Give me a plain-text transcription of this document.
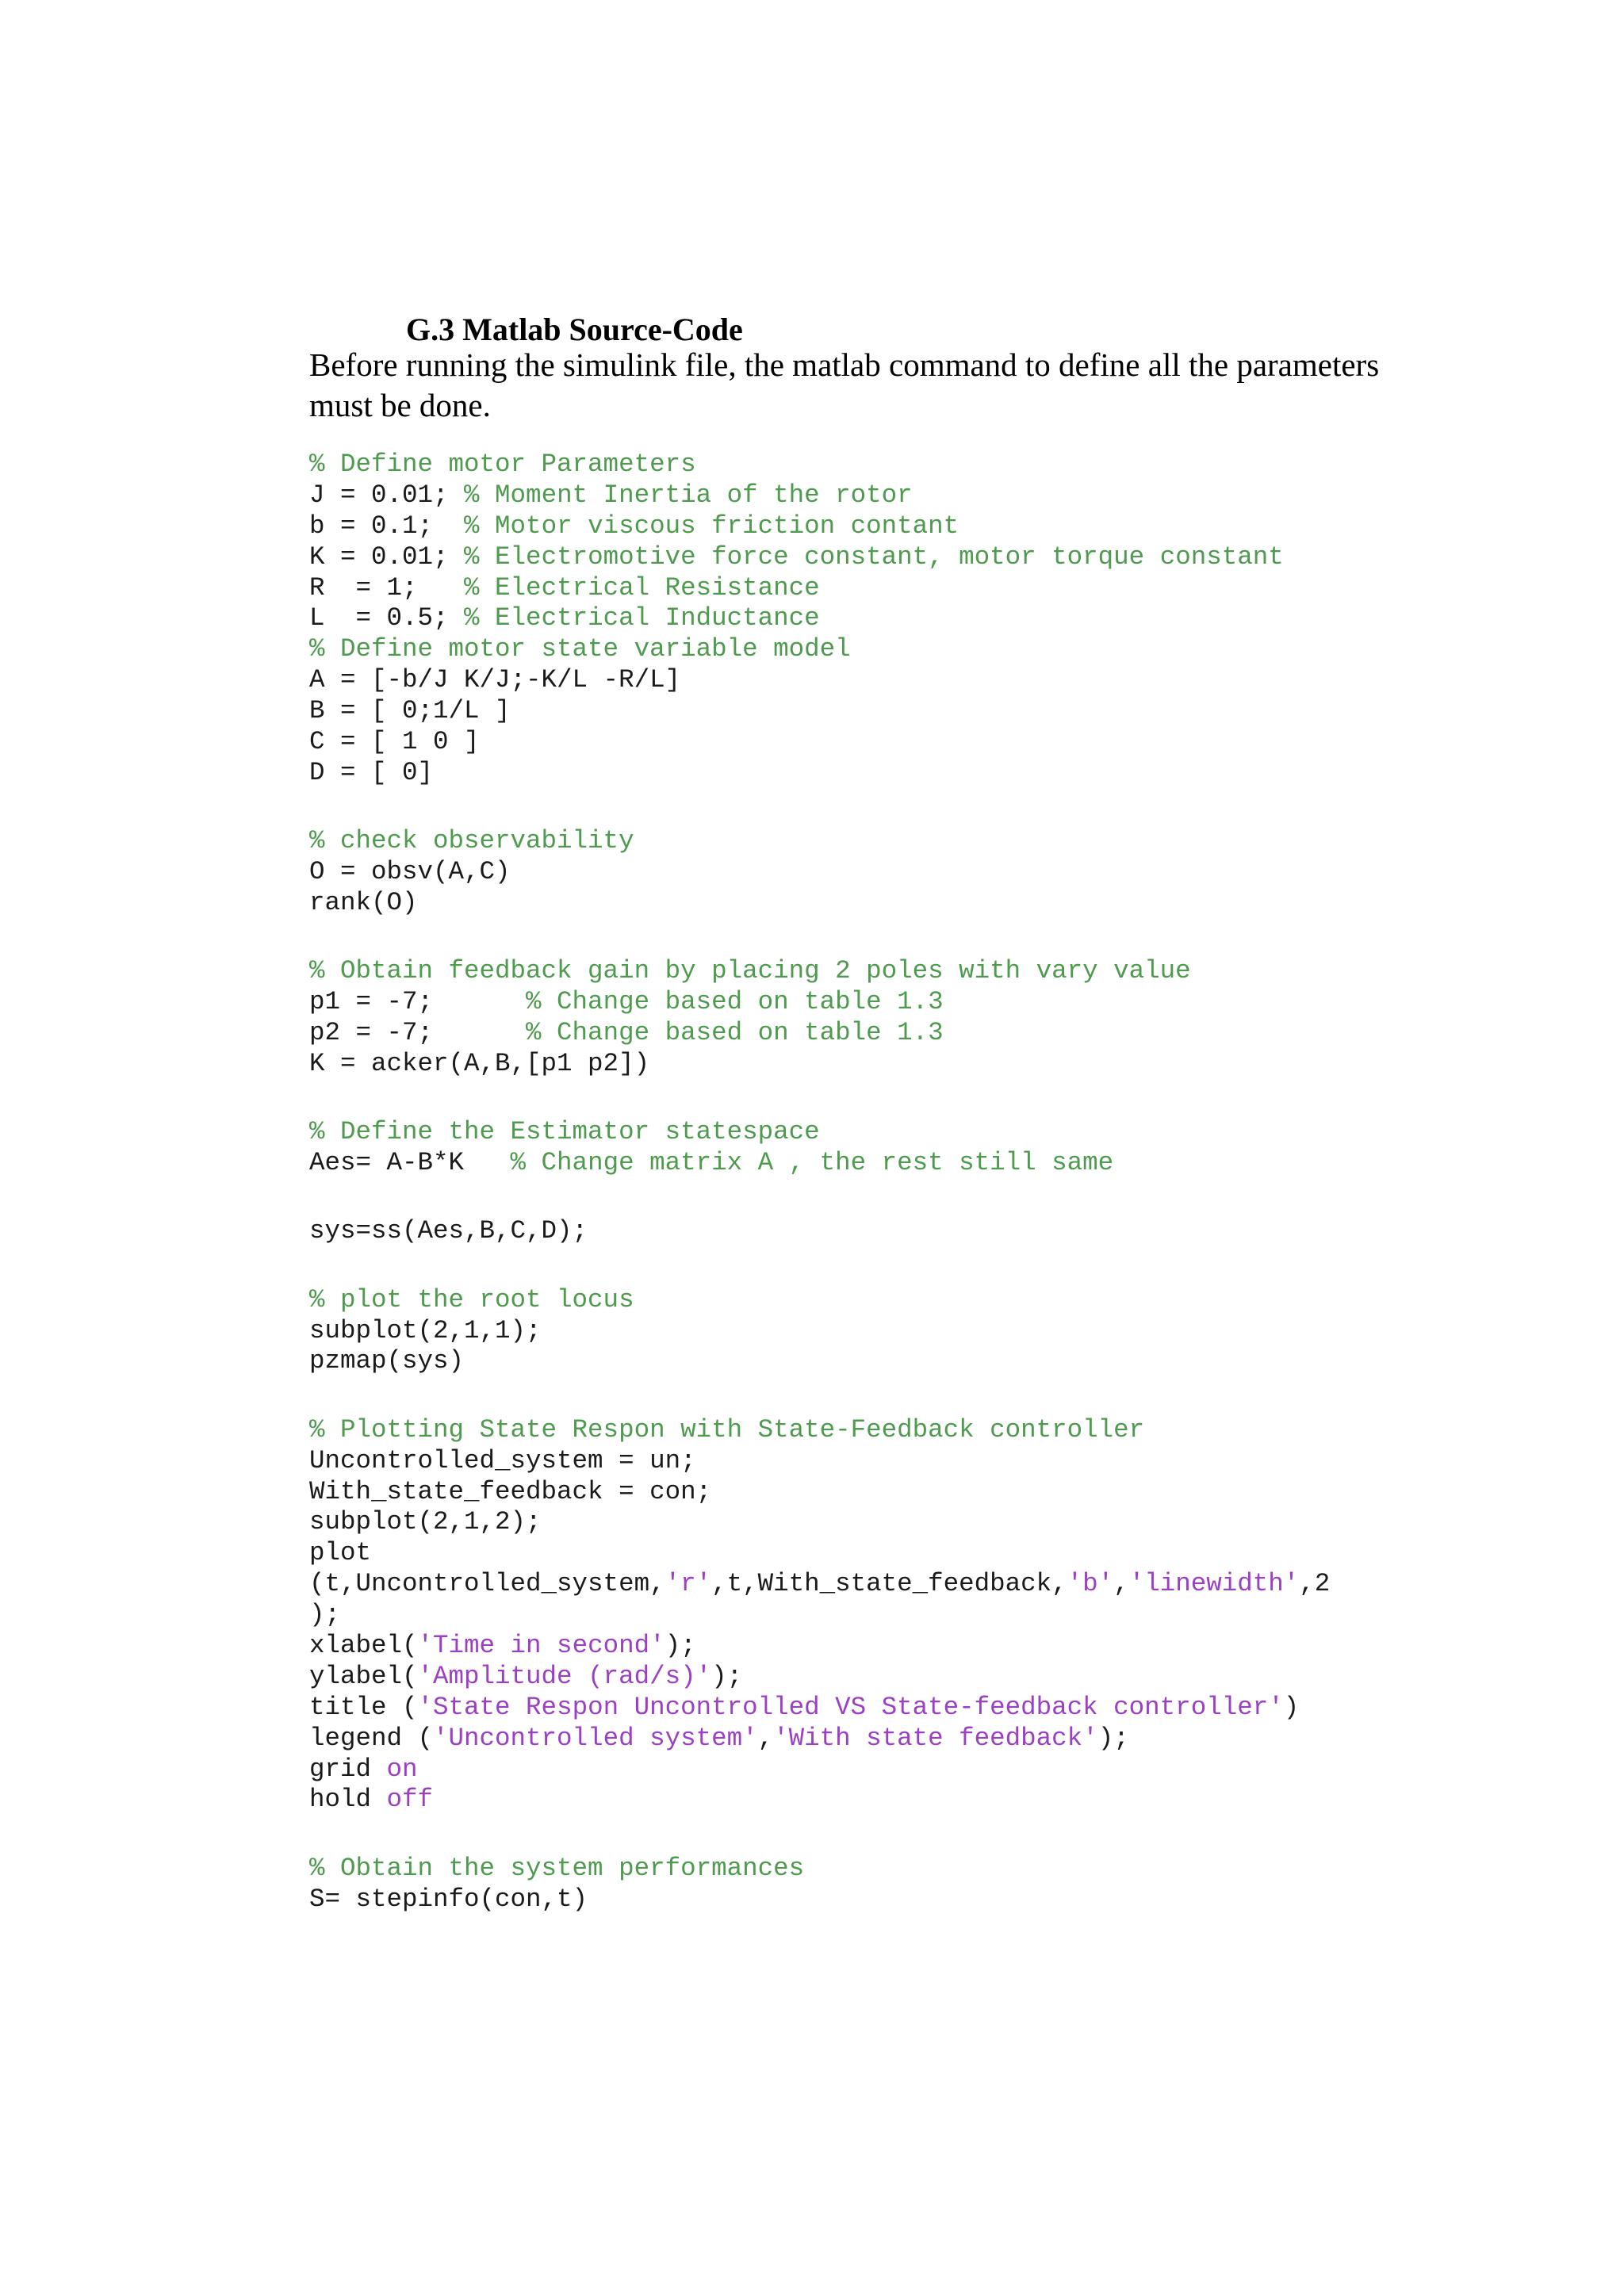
G.3 Matlab Source-Code

Before running the simulink file, the matlab command to define all the parameters must be done.

% Define motor Parameters
J = 0.01; % Moment Inertia of the rotor
b = 0.1;  % Motor viscous friction contant
K = 0.01; % Electromotive force constant, motor torque constant
R  = 1;   % Electrical Resistance
L  = 0.5; % Electrical Inductance
% Define motor state variable model
A = [-b/J K/J;-K/L -R/L]
B = [ 0;1/L ]
C = [ 1 0 ]
D = [ 0]
% check observability
O = obsv(A,C)
rank(O)
% Obtain feedback gain by placing 2 poles with vary value
p1 = -7;      % Change based on table 1.3
p2 = -7;      % Change based on table 1.3
K = acker(A,B,[p1 p2])
% Define the Estimator statespace
Aes= A-B*K   % Change matrix A , the rest still same
sys=ss(Aes,B,C,D);
% plot the root locus
subplot(2,1,1);
pzmap(sys)
% Plotting State Respon with State-Feedback controller
Uncontrolled_system = un;
With_state_feedback = con;
subplot(2,1,2);
plot
(t,Uncontrolled_system,'r',t,With_state_feedback,'b','linewidth',2
);
xlabel('Time in second');
ylabel('Amplitude (rad/s)');
title ('State Respon Uncontrolled VS State-feedback controller')
legend ('Uncontrolled system','With state feedback');
grid on
hold off
% Obtain the system performances
S= stepinfo(con,t)
